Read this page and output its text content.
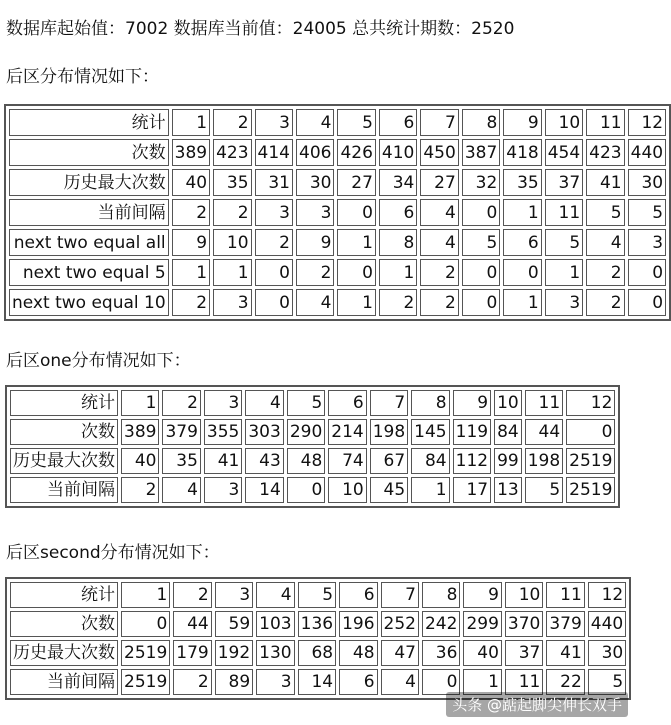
数据库起始值：7002 数据库当前值：24005 总共统计期数：2520
后区分布情况如下：
统计	1	2	3	4	5	6	7	8	9	10	11	12
次数	389	423	414	406	426	410	450	387	418	454	423	440
历史最大次数	40	35	31	30	27	34	27	32	35	37	41	30
当前间隔	2	2	3	3	0	6	4	0	1	11	5	5
next two equal all	9	10	2	9	1	8	4	5	6	5	4	3
next two equal 5	1	1	0	2	0	1	2	0	0	1	2	0
next two equal 10	2	3	0	4	1	2	2	0	1	3	2	0
后区one分布情况如下：
统计	1	2	3	4	5	6	7	8	9	10	11	12
次数	389	379	355	303	290	214	198	145	119	84	44	0
历史最大次数	40	35	41	43	48	74	67	84	112	99	198	2519
当前间隔	2	4	3	14	0	10	45	1	17	13	5	2519
后区second分布情况如下：
统计	1	2	3	4	5	6	7	8	9	10	11	12
次数	0	44	59	103	136	196	252	242	299	370	379	440
历史最大次数	2519	179	192	130	68	48	47	36	40	37	41	30
当前间隔	2519	2	89	3	14	6	4	0	1	11	22	5
头条 @踮起脚尖伸长双手
